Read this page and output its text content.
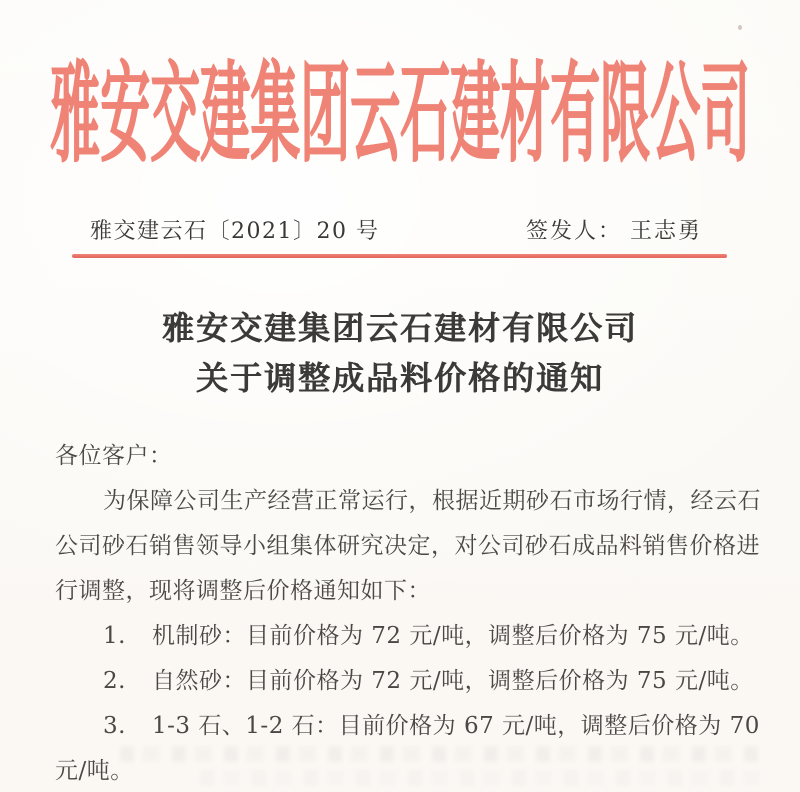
雅安交建集团云石建材有限公司
雅交建云石〔2021〕20 号	签发人： 王志勇
雅安交建集团云石建材有限公司
关于调整成品料价格的通知
各位客户：
为保障公司生产经营正常运行，根据近期砂石市场行情，经云石
公司砂石销售领导小组集体研究决定，对公司砂石成品料销售价格进
行调整，现将调整后价格通知如下：
1. 机制砂：目前价格为 72 元/吨，调整后价格为 75 元/吨。
2. 自然砂：目前价格为 72 元/吨，调整后价格为 75 元/吨。
3. 1-3 石、1-2 石：目前价格为 67 元/吨，调整后价格为 70
元/吨。
